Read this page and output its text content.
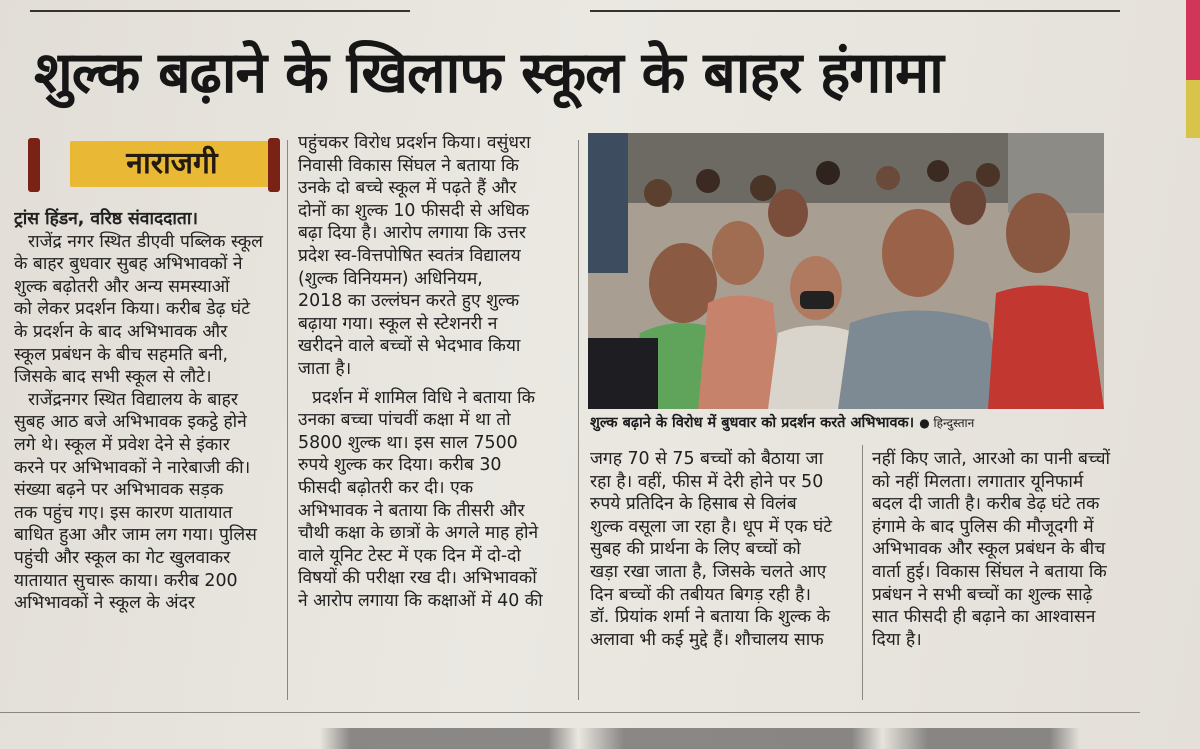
शुल्क बढ़ाने के खिलाफ स्कूल के बाहर हंगामा
नाराजगी

ट्रांस हिंडन, वरिष्ठ संवाददाता।

राजेंद्र नगर स्थित डीएवी पब्लिक स्कूल

के बाहर बुधवार सुबह अभिभावकों ने

शुल्क बढ़ोतरी और अन्य समस्याओं

को लेकर प्रदर्शन किया। करीब डेढ़ घंटे

के प्रदर्शन के बाद अभिभावक और

स्कूल प्रबंधन के बीच सहमति बनी,

जिसके बाद सभी स्कूल से लौटे।

राजेंद्रनगर स्थित विद्यालय के बाहर

सुबह आठ बजे अभिभावक इकट्ठे होने

लगे थे। स्कूल में प्रवेश देने से इंकार

करने पर अभिभावकों ने नारेबाजी की।

संख्या बढ़ने पर अभिभावक सड़क

तक पहुंच गए। इस कारण यातायात

बाधित हुआ और जाम लग गया। पुलिस

पहुंची और स्कूल का गेट खुलवाकर

यातायात सुचारू काया। करीब 200

अभिभावकों ने स्कूल के अंदर

पहुंचकर विरोध प्रदर्शन किया। वसुंधरा

निवासी विकास सिंघल ने बताया कि

उनके दो बच्चे स्कूल में पढ़ते हैं और

दोनों का शुल्क 10 फीसदी से अधिक

बढ़ा दिया है। आरोप लगाया कि उत्तर

प्रदेश स्व-वित्तपोषित स्वतंत्र विद्यालय

(शुल्क विनियमन) अधिनियम,

2018 का उल्लंघन करते हुए शुल्क

बढ़ाया गया। स्कूल से स्टेशनरी न

खरीदने वाले बच्चों से भेदभाव किया

जाता है।

प्रदर्शन में शामिल विधि ने बताया कि

उनका बच्चा पांचवीं कक्षा में था तो

5800 शुल्क था। इस साल 7500

रुपये शुल्क कर दिया। करीब 30

फीसदी बढ़ोतरी कर दी। एक

अभिभावक ने बताया कि तीसरी और

चौथी कक्षा के छात्रों के अगले माह होने

वाले यूनिट टेस्ट में एक दिन में दो-दो

विषयों की परीक्षा रख दी। अभिभावकों

ने आरोप लगाया कि कक्षाओं में 40 की

शुल्क बढ़ाने के विरोध में बुधवार को प्रदर्शन करते अभिभावक। ● हिन्दुस्तान

जगह 70 से 75 बच्चों को बैठाया जा

रहा है। वहीं, फीस में देरी होने पर 50

रुपये प्रतिदिन के हिसाब से विलंब

शुल्क वसूला जा रहा है। धूप में एक घंटे

सुबह की प्रार्थना के लिए बच्चों को

खड़ा रखा जाता है, जिसके चलते आए

दिन बच्चों की तबीयत बिगड़ रही है।

डॉ. प्रियांक शर्मा ने बताया कि शुल्क के

अलावा भी कई मुद्दे हैं। शौचालय साफ

नहीं किए जाते, आरओ का पानी बच्चों

को नहीं मिलता। लगातार यूनिफार्म

बदल दी जाती है। करीब डेढ़ घंटे तक

हंगामे के बाद पुलिस की मौजूदगी में

अभिभावक और स्कूल प्रबंधन के बीच

वार्ता हुई। विकास सिंघल ने बताया कि

प्रबंधन ने सभी बच्चों का शुल्क साढ़े

सात फीसदी ही बढ़ाने का आश्वासन

दिया है।
